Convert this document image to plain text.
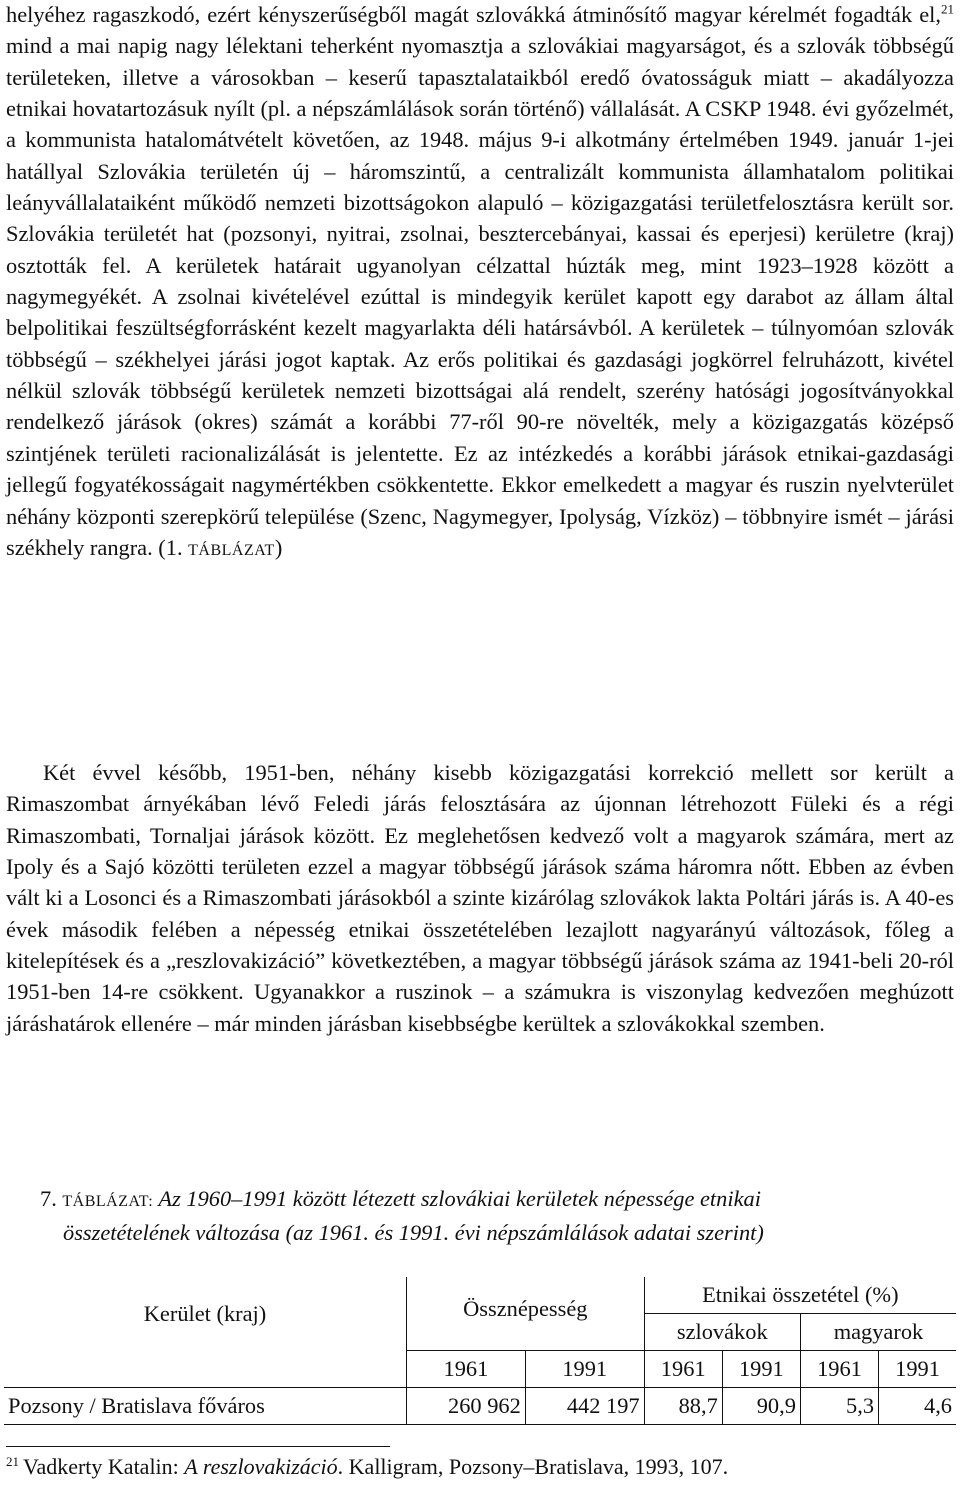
helyéhez ragaszkodó, ezért kényszerűségből magát szlovákká átminősítő magyar kérelmét fogadták el,$^{21}$ mind a mai napig nagy lélektani teherként nyomasztja a szlovákiai magyarságot, és a szlovák többségű területeken, illetve a városokban – keserű tapasztalataikból eredő óvatosságuk miatt – akadályozza etnikai hovatartozásuk nyílt (pl. a népszámlálások során történő) vállalását. A CSKP 1948. évi győzelmét, a kommunista hatalomátvételt követően, az 1948. május 9-i alkotmány értelmében 1949. január 1-jei hatállyal Szlovákia területén új – háromszintű, a centralizált kommunista államhatalom politikai leányvállalataiként működő nemzeti bizottságokon alapuló – közigazgatási területfelosztásra került sor. Szlovákia területét hat (pozsonyi, nyitrai, zsolnai, besztercebányai, kassai és eperjesi) kerületre (kraj) osztották fel. A kerületek határait ugyanolyan célzattal húzták meg, mint 1923–1928 között a nagymegyékét. A zsolnai kivételével ezúttal is mindegyik kerület kapott egy darabot az állam által belpolitikai feszültségforrásként kezelt magyarlakta déli határsávból. A kerületek – túlnyomóan szlovák többségű – székhelyei járási jogot kaptak. Az erős politikai és gazdasági jogkörrel felruházott, kivétel nélkül szlovák többségű kerületek nemzeti bizottságai alá rendelt, szerény hatósági jogosítványokkal rendelkező járások (okres) számát a korábbi 77-ről 90-re növelték, mely a közigazgatás középső szintjének területi racionalizálását is jelentette. Ez az intézkedés a korábbi járások etnikai-gazdasági jellegű fogyatékosságait nagymértékben csökkentette. Ekkor emelkedett a magyar és ruszin nyelvterület néhány központi szerepkörű települése (Szenc, Nagymegyer, Ipolyság, Vízköz) – többnyire ismét – járási székhely rangra. (1. TÁBLÁZAT)

Két évvel később, 1951-ben, néhány kisebb közigazgatási korrekció mellett sor került a Rimaszombat árnyékában lévő Feledi járás felosztására az újonnan létrehozott Füleki és a régi Rimaszombati, Tornaljai járások között. Ez meglehetősen kedvező volt a magyarok számára, mert az Ipoly és a Sajó közötti területen ezzel a magyar többségű járások száma háromra nőtt. Ebben az évben vált ki a Losonci és a Rimaszombati járásokból a szinte kizárólag szlovákok lakta Poltári járás is. A 40-es évek második felében a népesség etnikai összetételében lezajlott nagyarányú változások, főleg a kitelepítések és a „reszlovakizáció” következtében, a magyar többségű járások száma az 1941-beli 20-ról 1951-ben 14-re csökkent. Ugyanakkor a ruszinok – a számukra is viszonylag kedvezően meghúzott járáshatárok ellenére – már minden járásban kisebbségbe kerültek a szlovákokkal szemben.

7. TÁBLÁZAT: Az 1960–1991 között létezett szlovákiai kerületek népessége etnikai
összetételének változása (az 1961. és 1991. évi népszámlálások adatai szerint)
Kerület (kraj)	Össznépesség		Etnikai összetétel (%)			
			szlovákok		magyarok	
	1961	1991	1961	1991	1961	1991
Pozsony / Bratislava főváros	260 962	442 197	88,7	90,9	5,3	4,6
$^{21}$ Vadkerty Katalin: A reszlovakizáció. Kalligram, Pozsony–Bratislava, 1993, 107.
